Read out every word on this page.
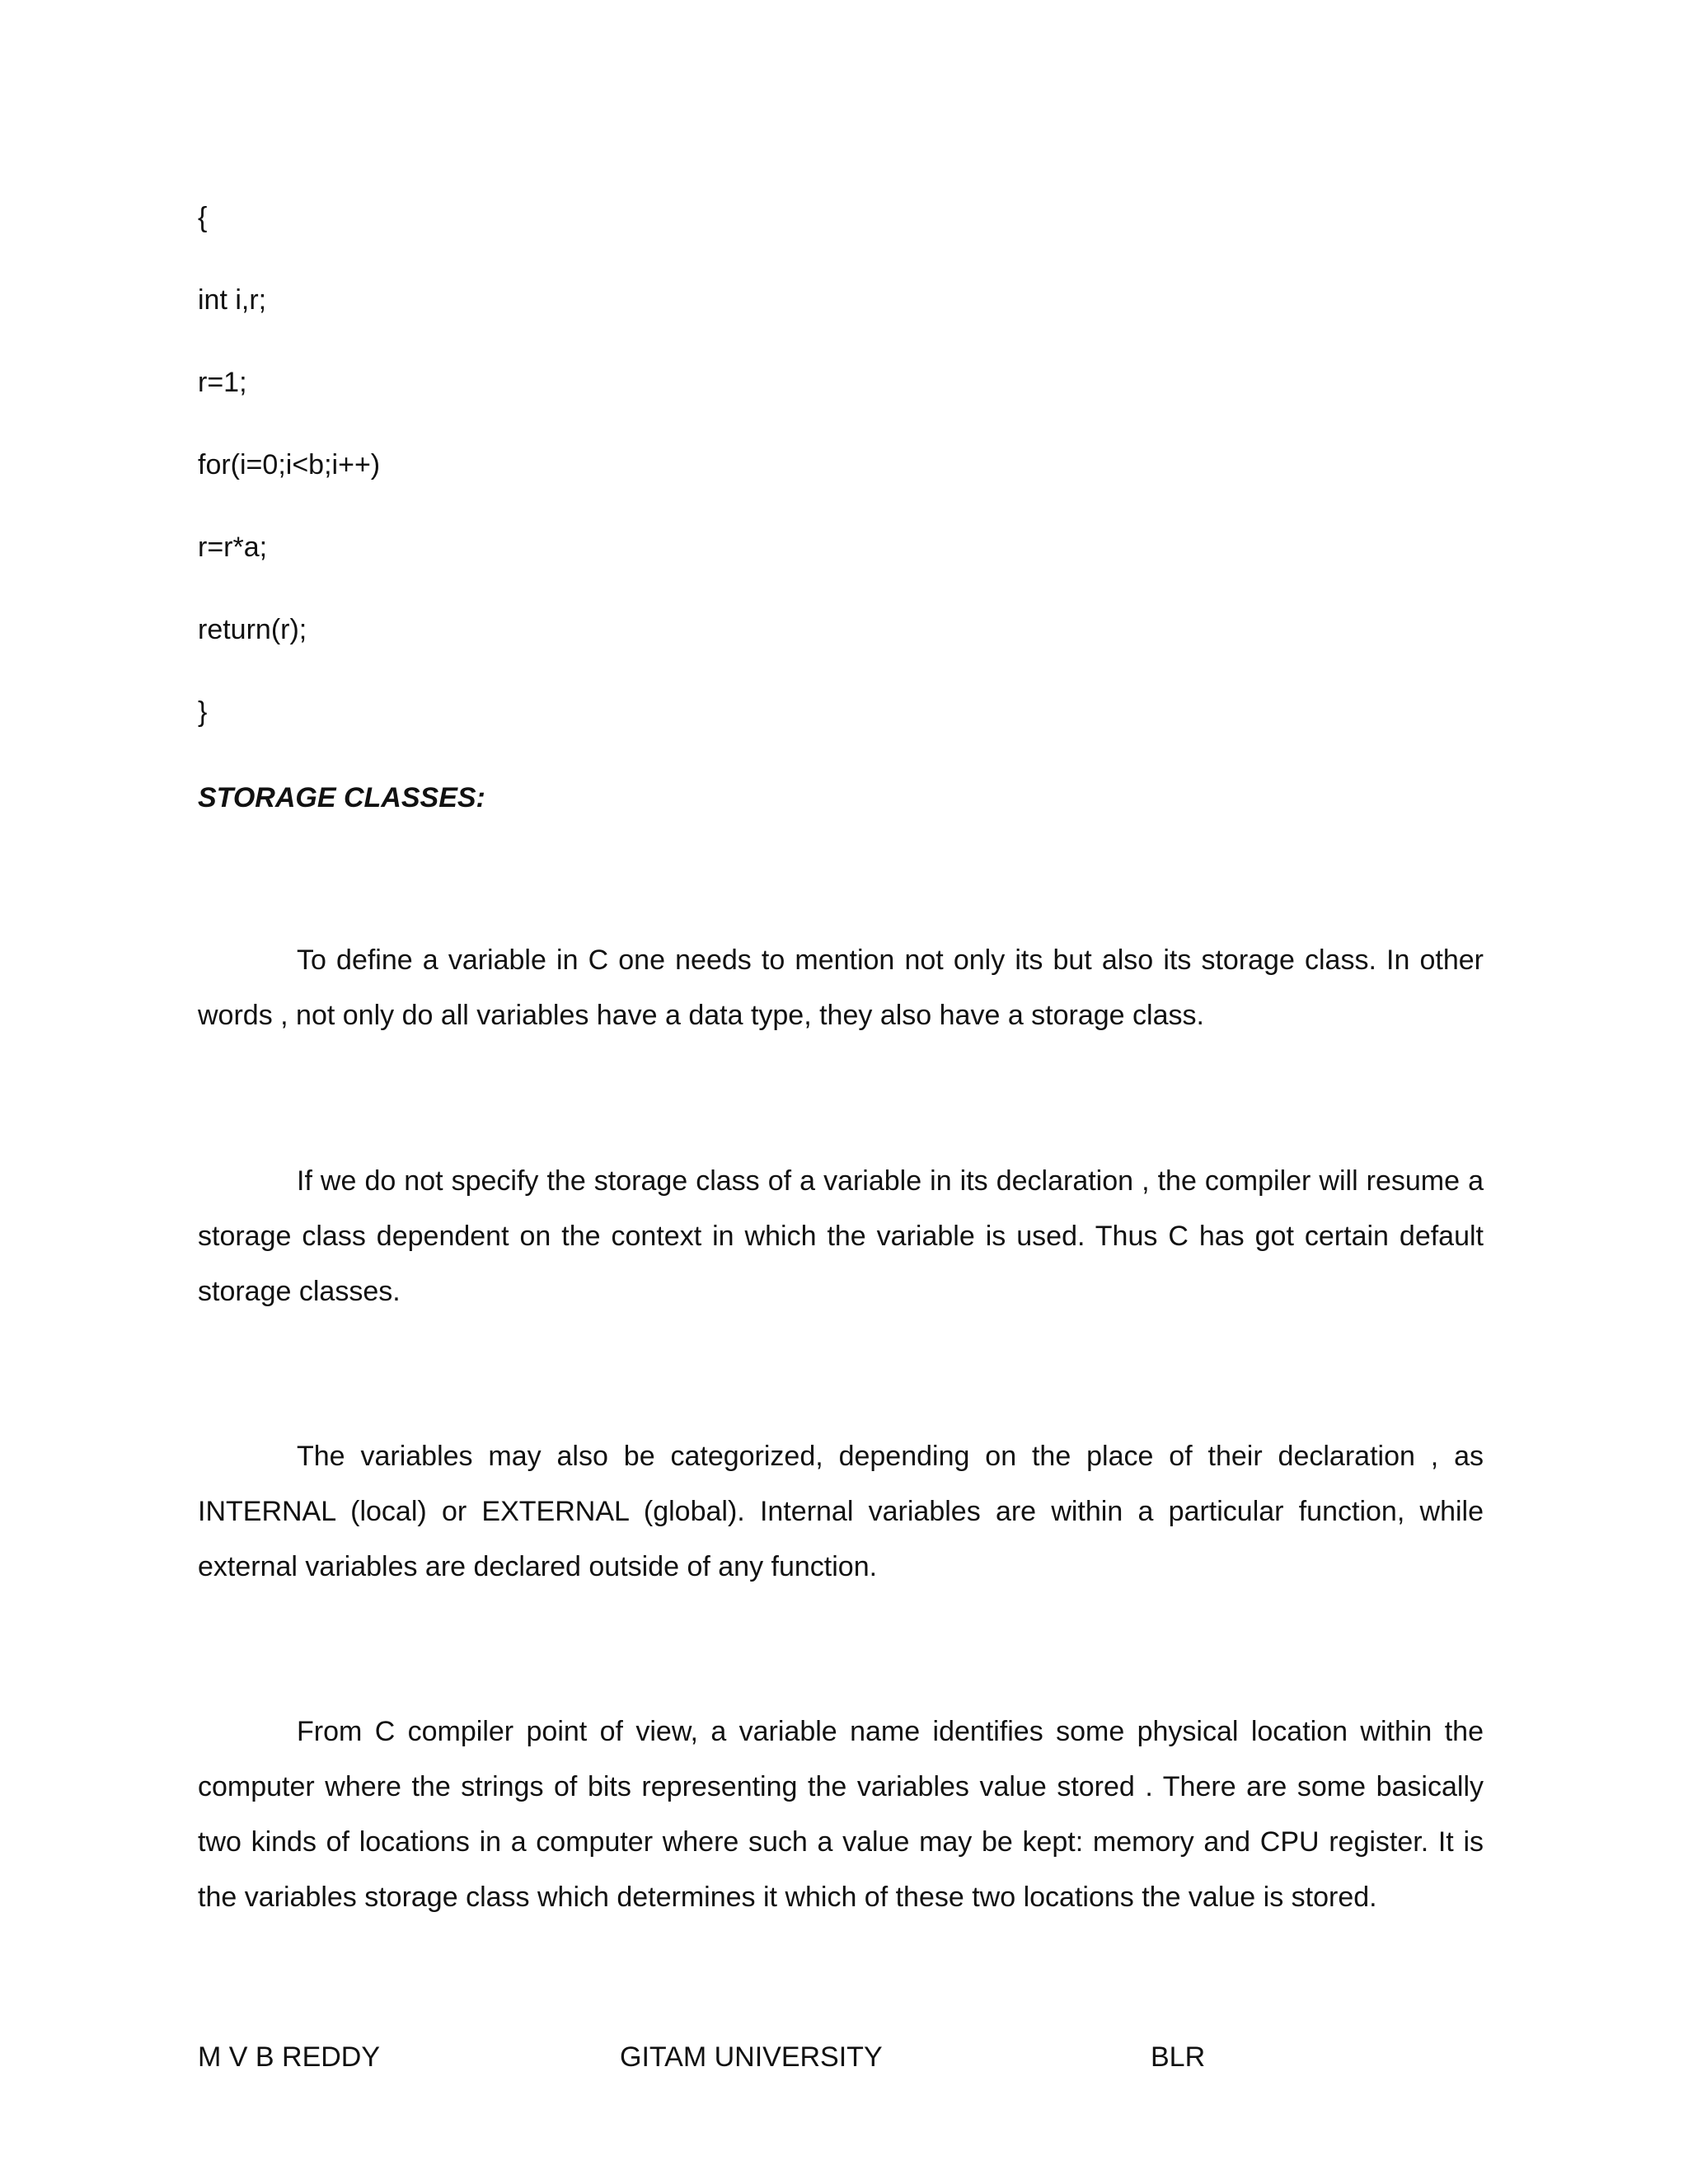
{
int i,r;
r=1;
for(i=0;i<b;i++)
r=r*a;
return(r);
}
STORAGE CLASSES:

To define a variable in C one needs to mention not only its but also its storage class. In other words , not only do all variables have a data type, they also have a storage class.

If we do not specify the storage class of a variable in its declaration , the compiler will resume a storage class dependent on the context in which the variable is used. Thus C has got certain default storage classes.

The variables may also be categorized, depending on the place of their declaration , as INTERNAL (local) or EXTERNAL (global). Internal variables are within a particular function, while external variables are declared outside of any function.

From C compiler point of view, a variable name identifies some physical location within the computer where the strings of bits representing the variables value stored . There are some basically two kinds of locations in a computer where such a value may be kept: memory and CPU register. It is the variables storage class which determines it which of these two locations the value is stored.

M V B REDDY	GITAM UNIVERSITY	BLR
